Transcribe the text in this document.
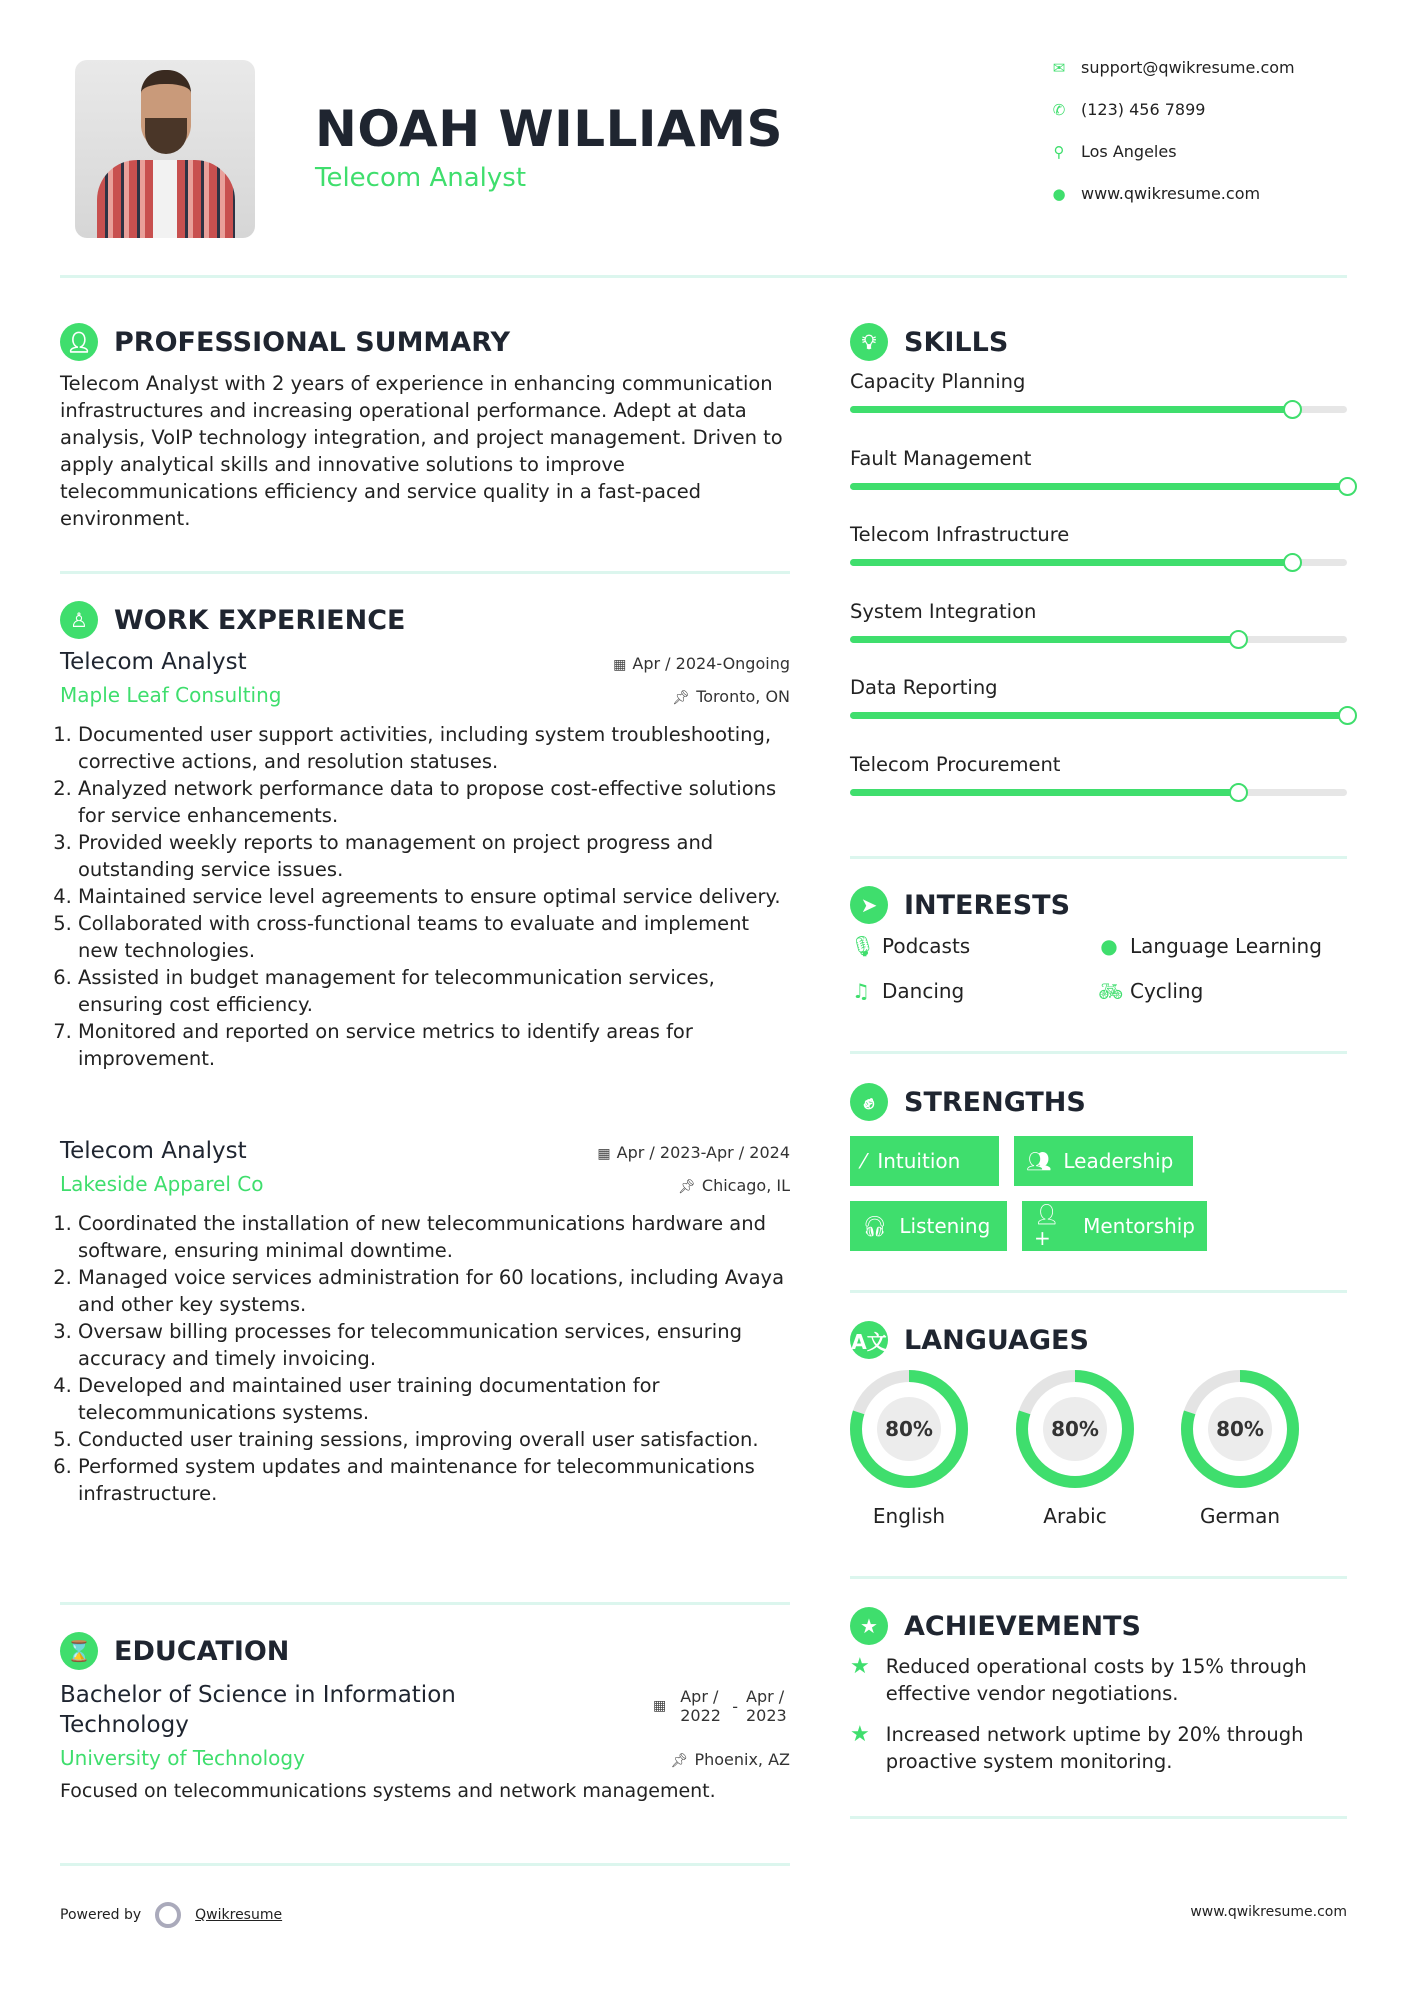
NOAH WILLIAMS
Telecom Analyst
✉ support@qwikresume.com
✆ (123) 456 7899
⚲ Los Angeles
● www.qwikresume.com
👤︎ PROFESSIONAL SUMMARY
Telecom Analyst with 2 years of experience in enhancing communication infrastructures and increasing operational performance. Adept at data analysis, VoIP technology integration, and project management. Driven to apply analytical skills and innovative solutions to improve telecommunications efficiency and service quality in a fast-paced environment.
♙ WORK EXPERIENCE
Telecom Analyst	▦ Apr / 2024-Ongoing
Maple Leaf Consulting	📌︎ Toronto, ON
1. Documented user support activities, including system troubleshooting, corrective actions, and resolution statuses.
2. Analyzed network performance data to propose cost-effective solutions for service enhancements.
3. Provided weekly reports to management on project progress and outstanding service issues.
4. Maintained service level agreements to ensure optimal service delivery.
5. Collaborated with cross-functional teams to evaluate and implement new technologies.
6. Assisted in budget management for telecommunication services, ensuring cost efficiency.
7. Monitored and reported on service metrics to identify areas for improvement.
Telecom Analyst	▦ Apr / 2023-Apr / 2024
Lakeside Apparel Co	📌︎ Chicago, IL
1. Coordinated the installation of new telecommunications hardware and software, ensuring minimal downtime.
2. Managed voice services administration for 60 locations, including Avaya and other key systems.
3. Oversaw billing processes for telecommunication services, ensuring accuracy and timely invoicing.
4. Developed and maintained user training documentation for telecommunications systems.
5. Conducted user training sessions, improving overall user satisfaction.
6. Performed system updates and maintenance for telecommunications infrastructure.
⌛ EDUCATION
Bachelor of Science in Information Technology
▦ Apr / 2022 - Apr / 2023
University of Technology	📌︎ Phoenix, AZ
Focused on telecommunications systems and network management.
Powered by	Qwikresume	www.qwikresume.com
💡︎	SKILLS
Capacity Planning
Fault Management
Telecom Infrastructure
System Integration
Data Reporting
Telecom Procurement
➤ INTERESTS
🎙︎ Podcasts	● Language Learning
♫ Dancing	🚲︎ Cycling
✊︎	STRENGTHS
⁄ Intuition	👥︎ Leadership
🎧︎ Listening 👤︎+	Mentorship
A文 LANGUAGES
80%
English
80%
Arabic
80%
German
★ ACHIEVEMENTS
★ Reduced operational costs by 15% through effective vendor negotiations.
★ Increased network uptime by 20% through proactive system monitoring.
